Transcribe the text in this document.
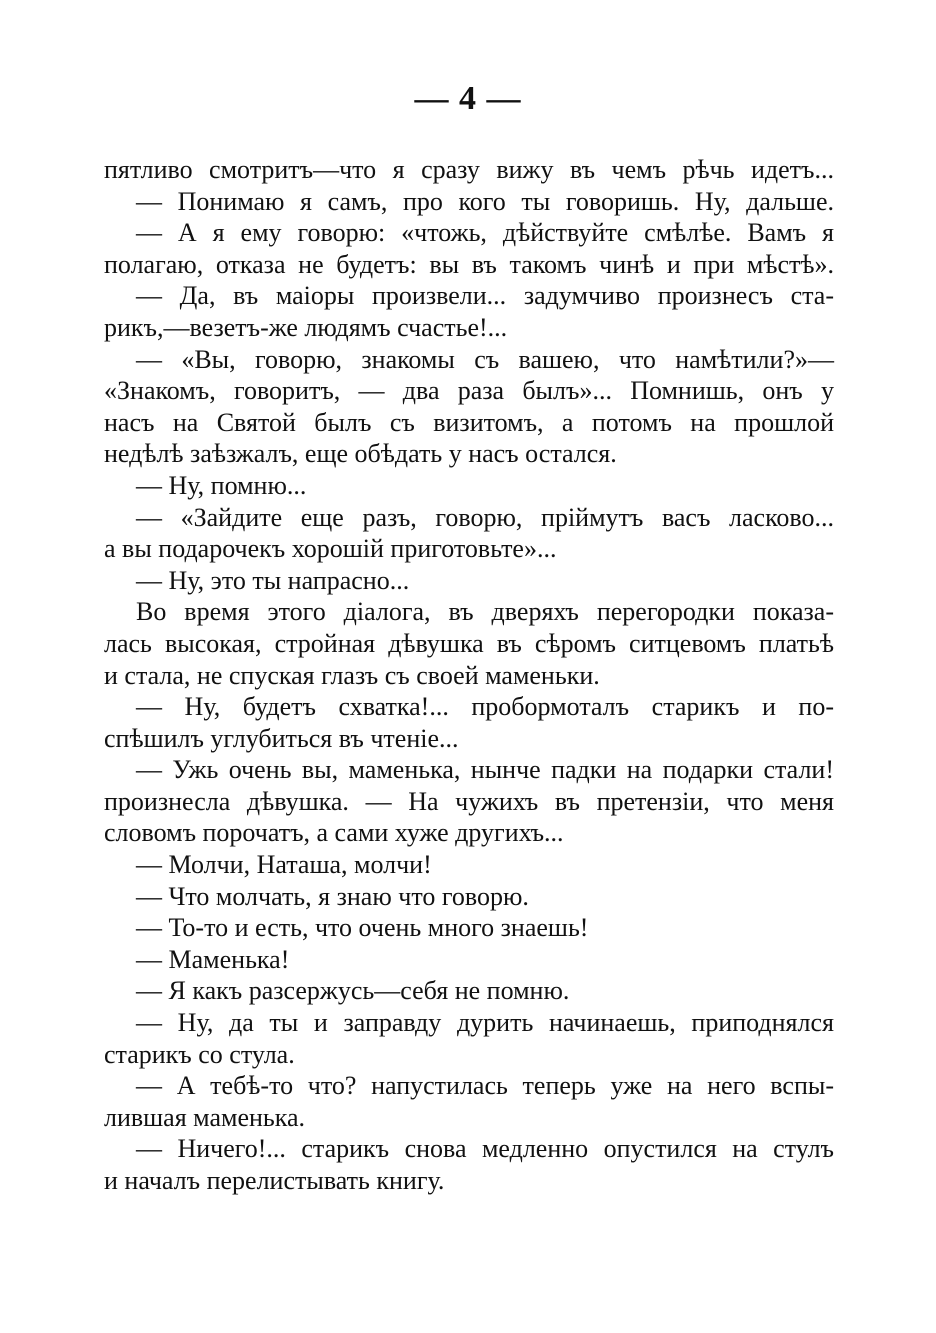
— 4 —
пятливо смотритъ—что я сразу вижу въ чемъ рѣчь идетъ...
— Понимаю я самъ, про кого ты говоришь. Ну, дальше.
— А я ему говорю: «чтожь, дѣйствуйте смѣлѣе. Вамъ я
полагаю, отказа не будетъ: вы въ такомъ чинѣ и при мѣстѣ».
— Да, въ маіоры произвели... задумчиво произнесъ ста-
рикъ,—везетъ-же людямъ счастье!...
— «Вы, говорю, знакомы съ вашею, что намѣтили?»—
«Знакомъ, говоритъ, — два раза былъ»... Помнишь, онъ у
насъ на Святой былъ съ визитомъ, а потомъ на прошлой
недѣлѣ заѣзжалъ, еще обѣдать у насъ остался.
— Ну, помню...
— «Зайдите еще разъ, говорю, пріймутъ васъ ласково...
а вы подарочекъ хорошій приготовьте»...
— Ну, это ты напрасно...
Во время этого діалога, въ дверяхъ перегородки показа-
лась высокая, стройная дѣвушка въ сѣромъ ситцевомъ платьѣ
и стала, не спуская глазъ съ своей маменьки.
— Ну, будетъ схватка!... пробормоталъ старикъ и по-
спѣшилъ углубиться въ чтеніе...
— Ужь очень вы, маменька, нынче падки на подарки стали!
произнесла дѣвушка. — На чужихъ въ претензіи, что меня
словомъ порочатъ, а сами хуже другихъ...
— Молчи, Наташа, молчи!
— Что молчать, я знаю что говорю.
— То-то и есть, что очень много знаешь!
— Маменька!
— Я какъ разсержусь—себя не помню.
— Ну, да ты и заправду дурить начинаешь, приподнялся
старикъ со стула.
— А тебѣ-то что? напустилась теперь уже на него вспы-
лившая маменька.
— Ничего!... старикъ снова медленно опустился на стулъ
и началъ перелистывать книгу.
